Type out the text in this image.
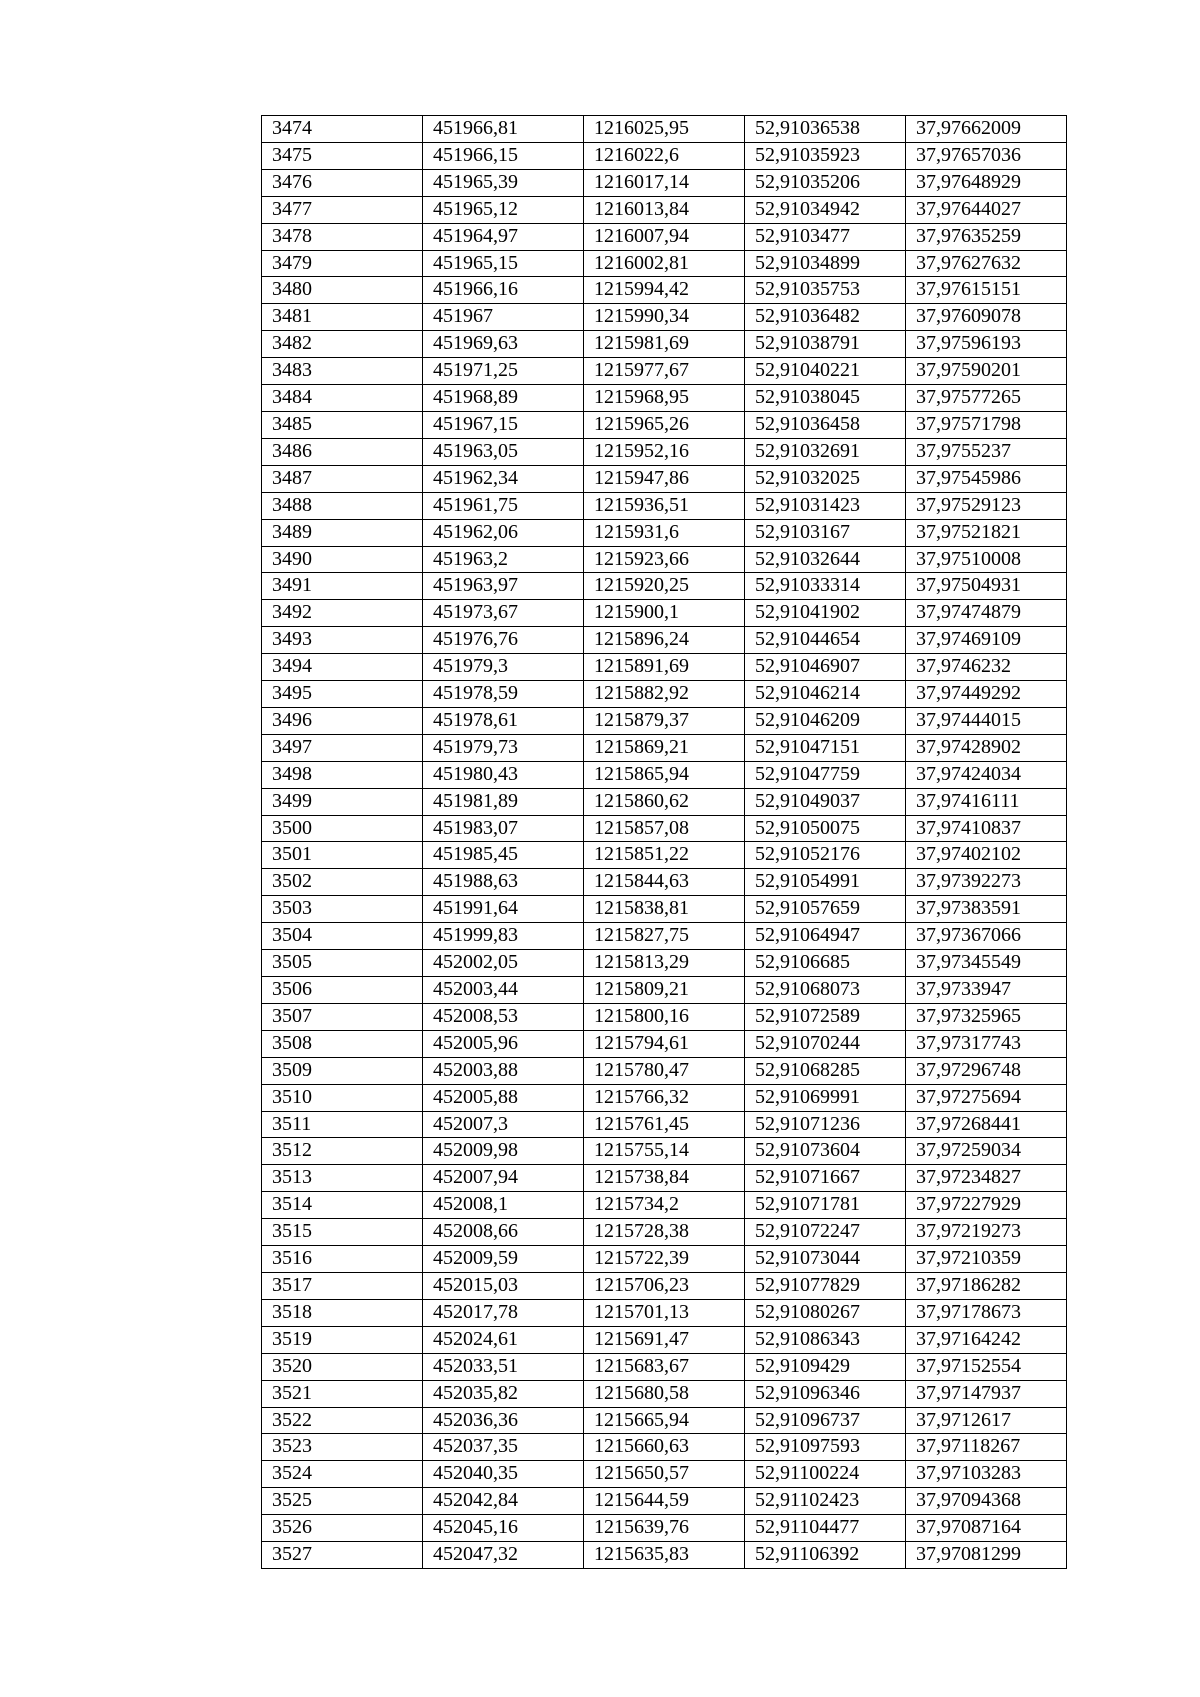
3474	451966,81	1216025,95	52,91036538	37,97662009
3475	451966,15	1216022,6	52,91035923	37,97657036
3476	451965,39	1216017,14	52,91035206	37,97648929
3477	451965,12	1216013,84	52,91034942	37,97644027
3478	451964,97	1216007,94	52,9103477	37,97635259
3479	451965,15	1216002,81	52,91034899	37,97627632
3480	451966,16	1215994,42	52,91035753	37,97615151
3481	451967	1215990,34	52,91036482	37,97609078
3482	451969,63	1215981,69	52,91038791	37,97596193
3483	451971,25	1215977,67	52,91040221	37,97590201
3484	451968,89	1215968,95	52,91038045	37,97577265
3485	451967,15	1215965,26	52,91036458	37,97571798
3486	451963,05	1215952,16	52,91032691	37,9755237
3487	451962,34	1215947,86	52,91032025	37,97545986
3488	451961,75	1215936,51	52,91031423	37,97529123
3489	451962,06	1215931,6	52,9103167	37,97521821
3490	451963,2	1215923,66	52,91032644	37,97510008
3491	451963,97	1215920,25	52,91033314	37,97504931
3492	451973,67	1215900,1	52,91041902	37,97474879
3493	451976,76	1215896,24	52,91044654	37,97469109
3494	451979,3	1215891,69	52,91046907	37,9746232
3495	451978,59	1215882,92	52,91046214	37,97449292
3496	451978,61	1215879,37	52,91046209	37,97444015
3497	451979,73	1215869,21	52,91047151	37,97428902
3498	451980,43	1215865,94	52,91047759	37,97424034
3499	451981,89	1215860,62	52,91049037	37,97416111
3500	451983,07	1215857,08	52,91050075	37,97410837
3501	451985,45	1215851,22	52,91052176	37,97402102
3502	451988,63	1215844,63	52,91054991	37,97392273
3503	451991,64	1215838,81	52,91057659	37,97383591
3504	451999,83	1215827,75	52,91064947	37,97367066
3505	452002,05	1215813,29	52,9106685	37,97345549
3506	452003,44	1215809,21	52,91068073	37,9733947
3507	452008,53	1215800,16	52,91072589	37,97325965
3508	452005,96	1215794,61	52,91070244	37,97317743
3509	452003,88	1215780,47	52,91068285	37,97296748
3510	452005,88	1215766,32	52,91069991	37,97275694
3511	452007,3	1215761,45	52,91071236	37,97268441
3512	452009,98	1215755,14	52,91073604	37,97259034
3513	452007,94	1215738,84	52,91071667	37,97234827
3514	452008,1	1215734,2	52,91071781	37,97227929
3515	452008,66	1215728,38	52,91072247	37,97219273
3516	452009,59	1215722,39	52,91073044	37,97210359
3517	452015,03	1215706,23	52,91077829	37,97186282
3518	452017,78	1215701,13	52,91080267	37,97178673
3519	452024,61	1215691,47	52,91086343	37,97164242
3520	452033,51	1215683,67	52,9109429	37,97152554
3521	452035,82	1215680,58	52,91096346	37,97147937
3522	452036,36	1215665,94	52,91096737	37,9712617
3523	452037,35	1215660,63	52,91097593	37,97118267
3524	452040,35	1215650,57	52,91100224	37,97103283
3525	452042,84	1215644,59	52,91102423	37,97094368
3526	452045,16	1215639,76	52,91104477	37,97087164
3527	452047,32	1215635,83	52,91106392	37,97081299
